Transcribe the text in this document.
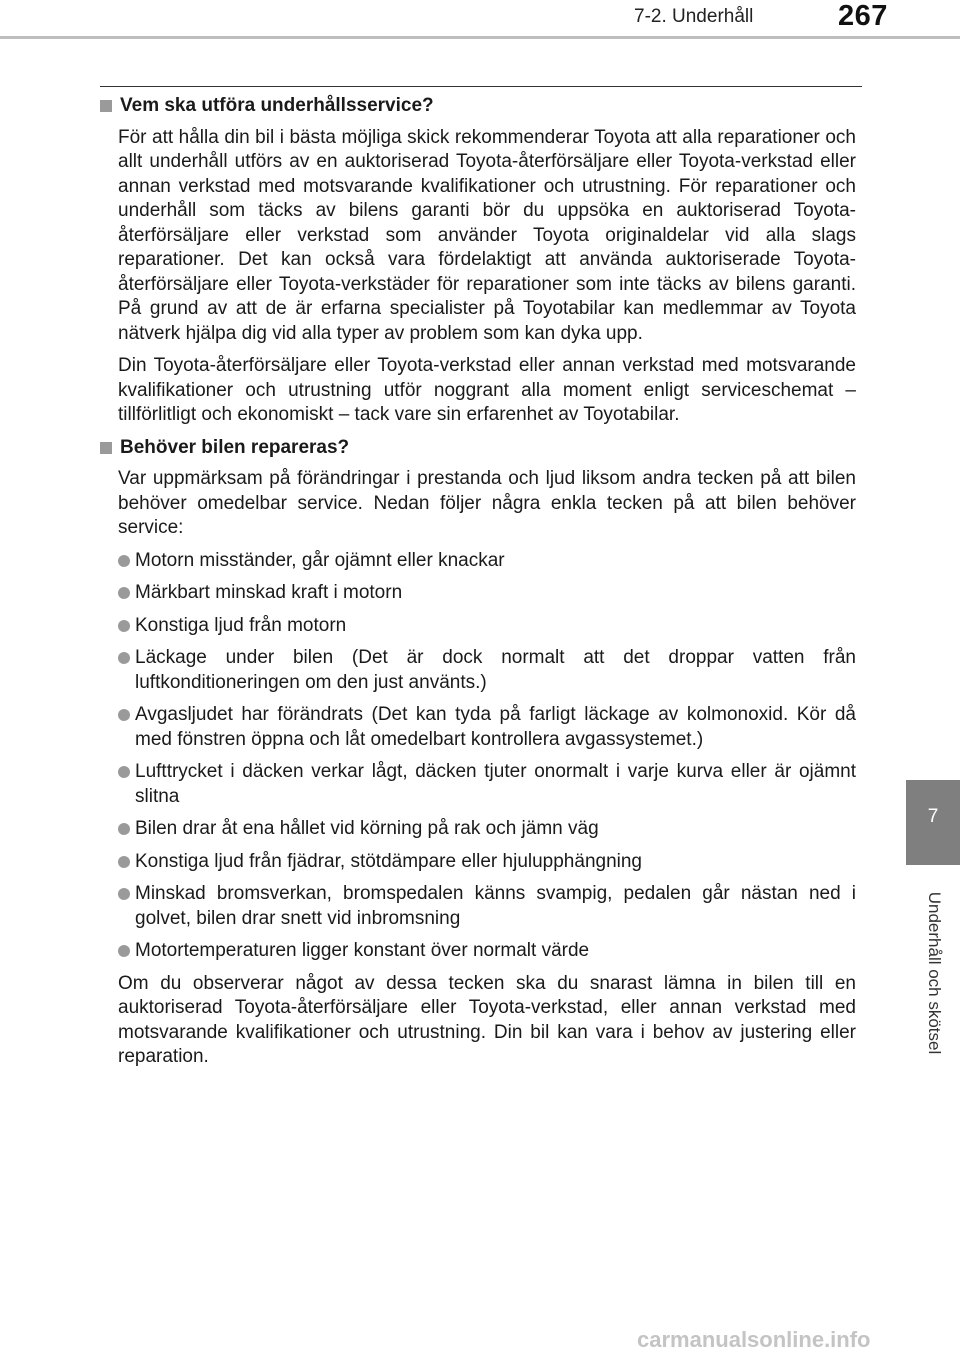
7-2. Underhåll	267
Vem ska utföra underhållsservice?

För att hålla din bil i bästa möjliga skick rekommenderar Toyota att alla reparationer och allt underhåll utförs av en auktoriserad Toyota-återförsäljare eller Toyota-verkstad eller annan verkstad med motsvarande kvalifikationer och utrustning. För reparationer och underhåll som täcks av bilens garanti bör du uppsöka en auktoriserad Toyota-återförsäljare eller verkstad som använder Toyota originaldelar vid alla slags reparationer. Det kan också vara fördelaktigt att använda auktoriserade Toyota-återförsäljare eller Toyota-verkstäder för reparationer som inte täcks av bilens garanti. På grund av att de är erfarna specialister på Toyotabilar kan medlemmar av Toyota nätverk hjälpa dig vid alla typer av problem som kan dyka upp.

Din Toyota-återförsäljare eller Toyota-verkstad eller annan verkstad med motsvarande kvalifikationer och utrustning utför noggrant alla moment enligt serviceschemat – tillförlitligt och ekonomiskt – tack vare sin erfarenhet av Toyotabilar.

Behöver bilen repareras?

Var uppmärksam på förändringar i prestanda och ljud liksom andra tecken på att bilen behöver omedelbar service. Nedan följer några enkla tecken på att bilen behöver service:

Motorn misständer, går ojämnt eller knackar
Märkbart minskad kraft i motorn
Konstiga ljud från motorn
Läckage under bilen (Det är dock normalt att det droppar vatten från luftkonditioneringen om den just använts.)
Avgasljudet har förändrats (Det kan tyda på farligt läckage av kolmonoxid. Kör då med fönstren öppna och låt omedelbart kontrollera avgassystemet.)
Lufttrycket i däcken verkar lågt, däcken tjuter onormalt i varje kurva eller är ojämnt slitna
Bilen drar åt ena hållet vid körning på rak och jämn väg
Konstiga ljud från fjädrar, stötdämpare eller hjulupphängning
Minskad bromsverkan, bromspedalen känns svampig, pedalen går nästan ned i golvet, bilen drar snett vid inbromsning
Motortemperaturen ligger konstant över normalt värde

Om du observerar något av dessa tecken ska du snarast lämna in bilen till en auktoriserad Toyota-återförsäljare eller Toyota-verkstad, eller annan verkstad med motsvarande kvalifikationer och utrustning. Din bil kan vara i behov av justering eller reparation.

7
Underhåll och skötsel
carmanualsonline.info
